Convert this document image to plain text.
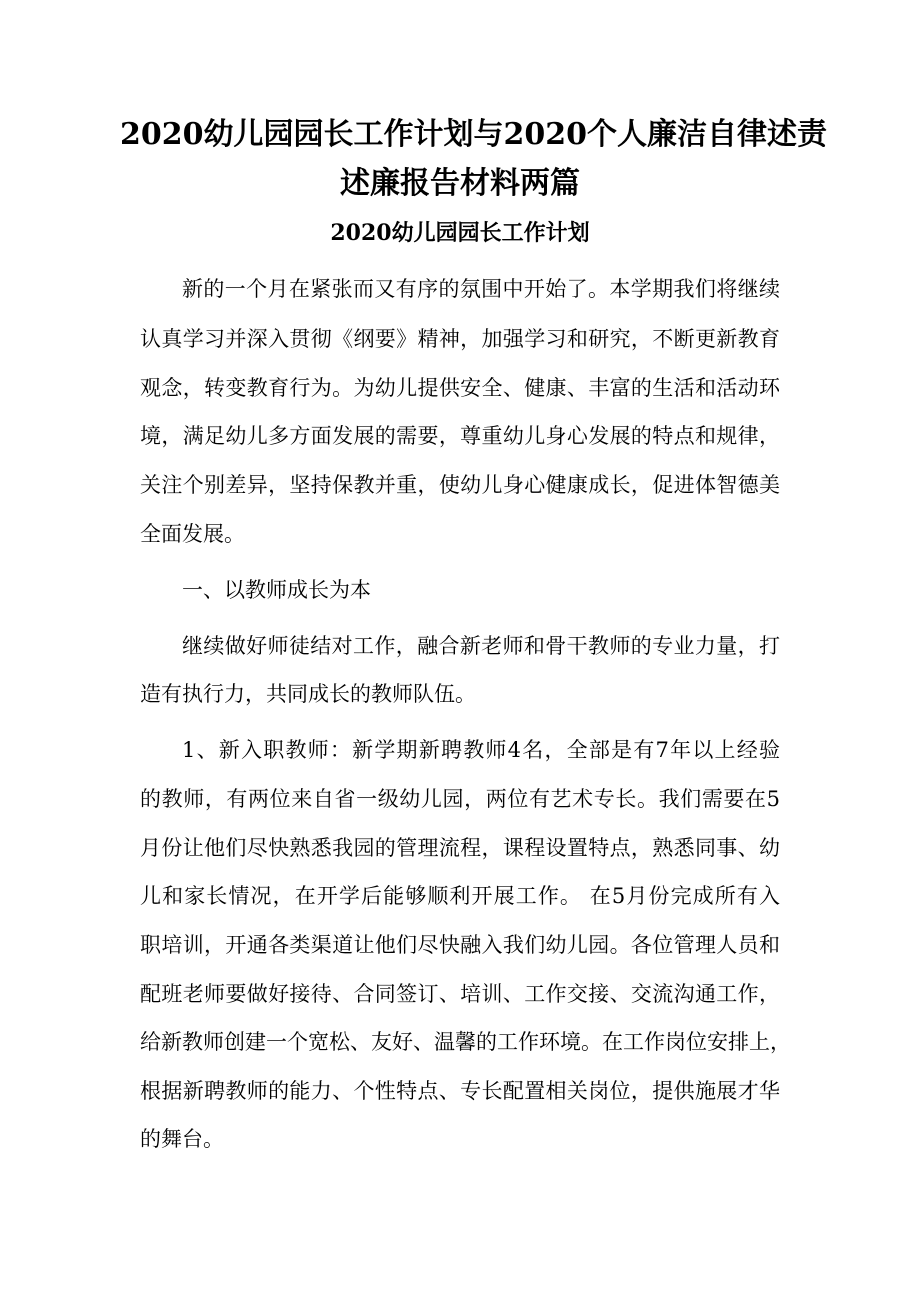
2020幼儿园园长工作计划与2020个人廉洁自律述责
述廉报告材料两篇
2020幼儿园园长工作计划
新的一个月在紧张而又有序的氛围中开始了。本学期我们将继续
认真学习并深入贯彻《纲要》精神，加强学习和研究，不断更新教育
观念，转变教育行为。为幼儿提供安全、健康、丰富的生活和活动环
境，满足幼儿多方面发展的需要，尊重幼儿身心发展的特点和规律，
关注个别差异，坚持保教并重，使幼儿身心健康成长，促进体智德美
全面发展。
一、以教师成长为本
继续做好师徒结对工作，融合新老师和骨干教师的专业力量，打
造有执行力，共同成长的教师队伍。
1、新入职教师：新学期新聘教师4名，全部是有7年以上经验
的教师，有两位来自省一级幼儿园，两位有艺术专长。我们需要在5
月份让他们尽快熟悉我园的管理流程，课程设置特点，熟悉同事、幼
儿和家长情况，在开学后能够顺利开展工作。 在5月份完成所有入
职培训，开通各类渠道让他们尽快融入我们幼儿园。各位管理人员和
配班老师要做好接待、合同签订、培训、工作交接、交流沟通工作，
给新教师创建一个宽松、友好、温馨的工作环境。在工作岗位安排上，
根据新聘教师的能力、个性特点、专长配置相关岗位，提供施展才华
的舞台。
